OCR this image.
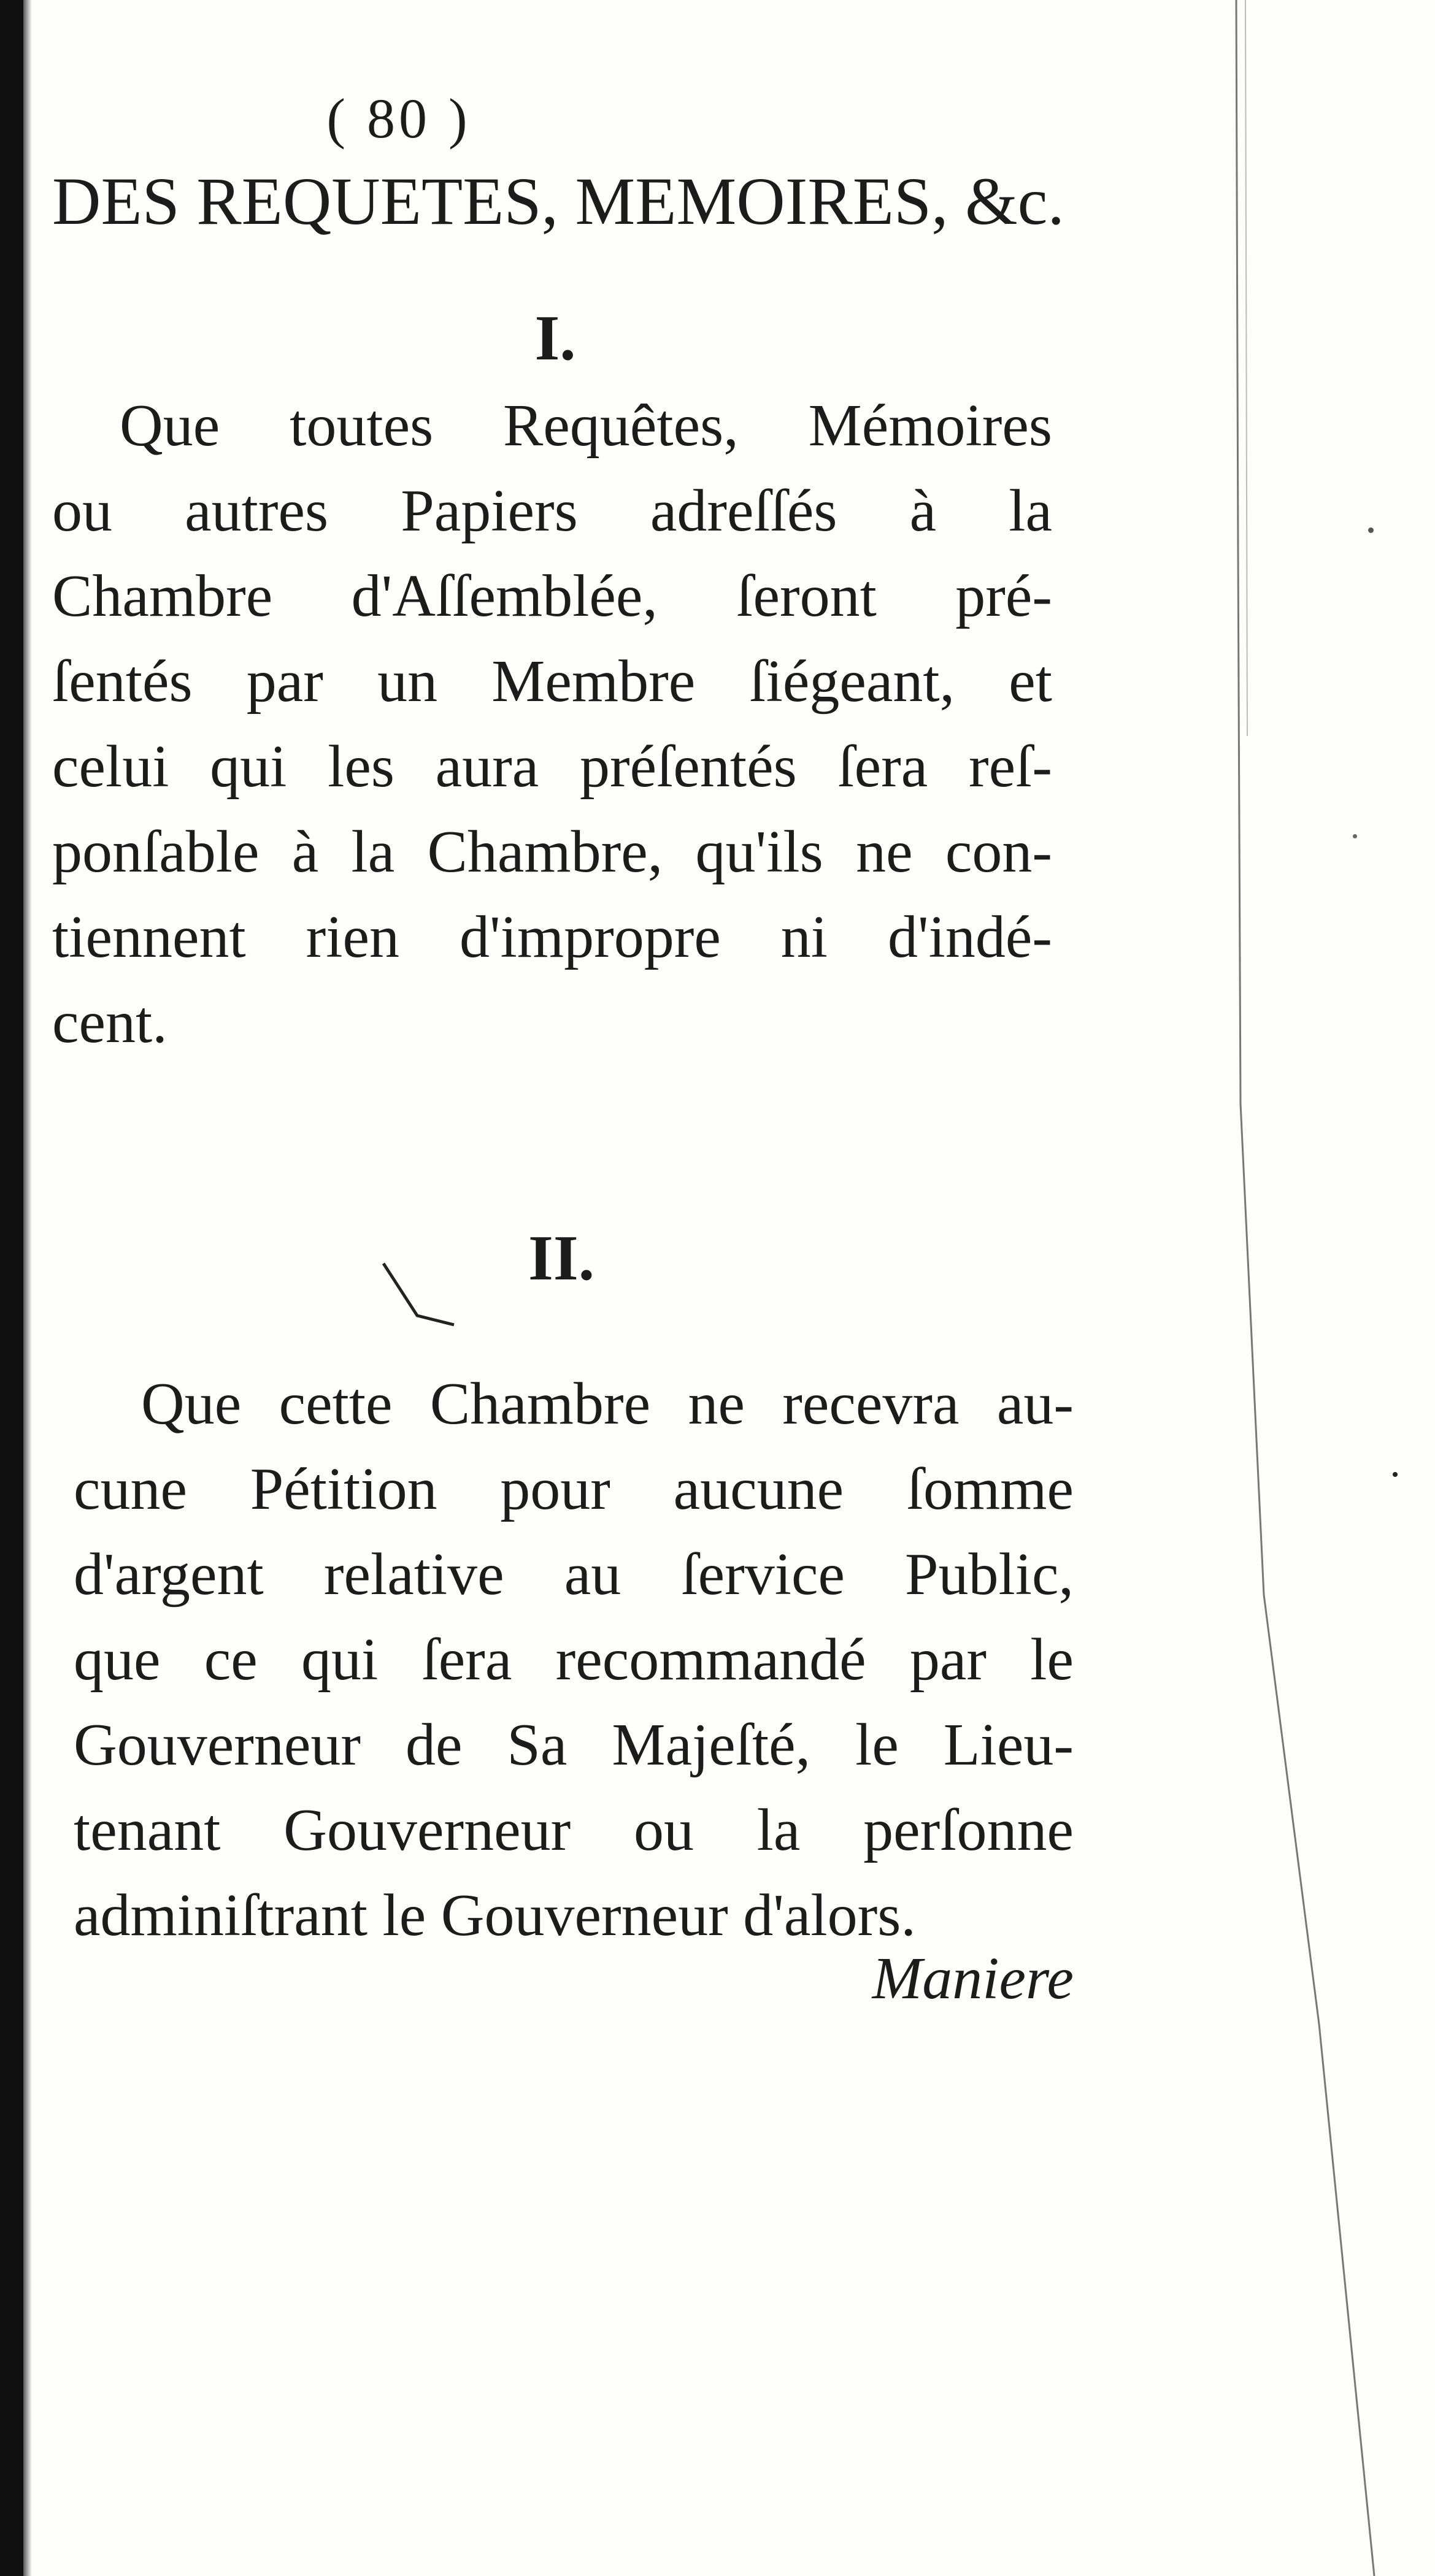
( 80 )
DES REQUETES, MEMOIRES, &c.
I.
Que toutes Requêtes, Mémoires
ou autres Papiers adreſſés à la
Chambre d'Aſſemblée, ſeront pré-
ſentés par un Membre ſiégeant, et
celui qui les aura préſentés ſera reſ-
ponſable à la Chambre, qu'ils ne con-
tiennent rien d'impropre ni d'indé-
cent.
II.
Que cette Chambre ne recevra au-
cune Pétition pour aucune ſomme
d'argent relative au ſervice Public,
que ce qui ſera recommandé par le
Gouverneur de Sa Majeſté, le Lieu-
tenant Gouverneur ou la perſonne
adminiſtrant le Gouverneur d'alors.
Maniere
